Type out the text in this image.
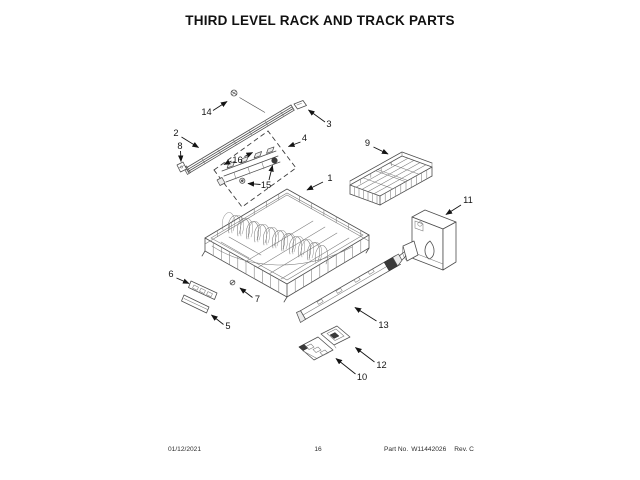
THIRD LEVEL RACK AND TRACK PARTS
14
2
8
3
4
16
15
1
9
11
6
7
5	13
12
10
01/12/2021	16	Part No. W11442026 Rev. C
